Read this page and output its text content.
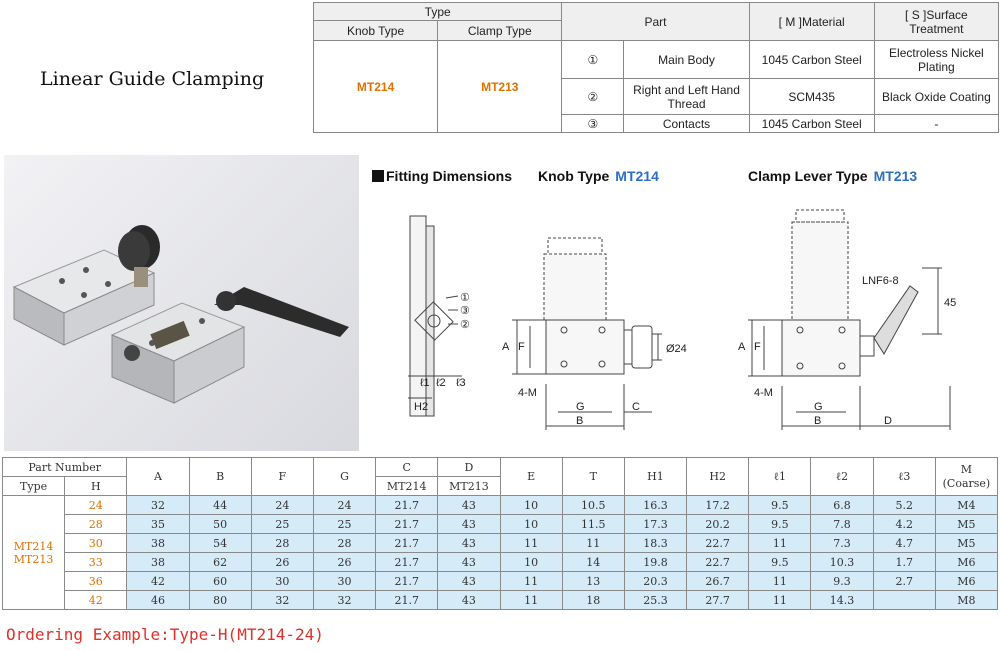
Linear Guide Clamping
Type		Part		[ M ]Material	[ S ]Surface Treatment
Knob Type	Clamp Type				
MT214	MT213	①	Main Body	1045 Carbon Steel	Electroless Nickel Plating
		②	Right and Left Hand Thread	SCM435	Black Oxide Coating
		③	Contacts	1045 Carbon Steel	-
Fitting Dimensions Knob Type MT214	Clamp Lever Type MT213
①
③
②
ℓ1 ℓ2 ℓ3
H2
A F
4-M
G
B
C
Ø24	A F
4-M
G
B	D
LNF6-8
45
Part Number		A	B	F	G	C	D	E	T	H1	H2	ℓ1	ℓ2	ℓ3	M
(Coarse)
Type	H					MT214	MT213								
MT214
MT213	24	32	44	24	24	21.7	43	10	10.5	16.3	17.2	9.5	6.8	5.2	M4
	28	35	50	25	25	21.7	43	10	11.5	17.3	20.2	9.5	7.8	4.2	M5
	30	38	54	28	28	21.7	43	11	11	18.3	22.7	11	7.3	4.7	M5
	33	38	62	26	26	21.7	43	10	14	19.8	22.7	9.5	10.3	1.7	M6
	36	42	60	30	30	21.7	43	11	13	20.3	26.7	11	9.3	2.7	M6
	42	46	80	32	32	21.7	43	11	18	25.3	27.7	11	14.3		M8
Ordering Example:Type-H(MT214-24)
